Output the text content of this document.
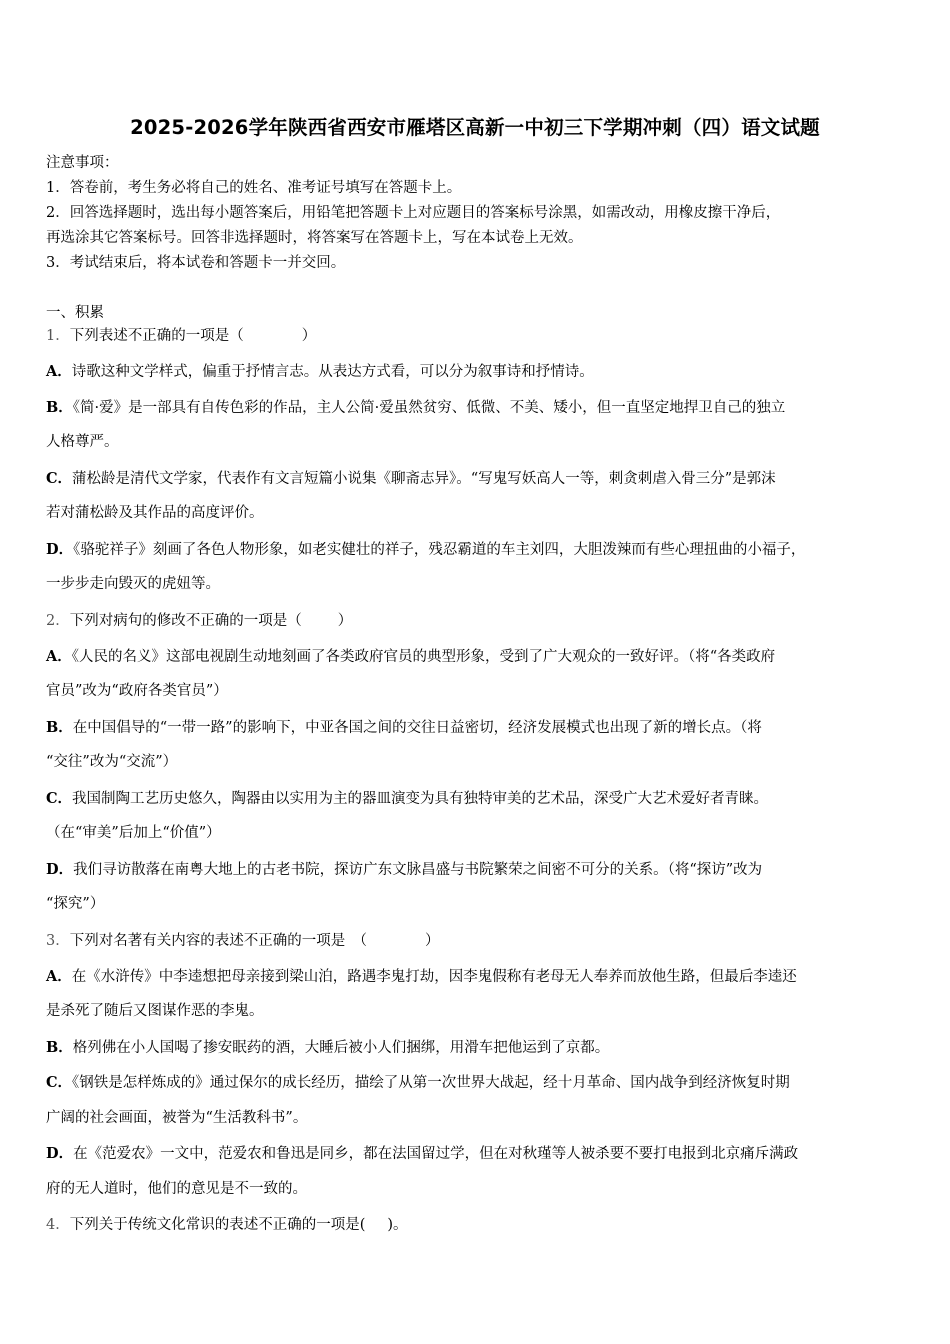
2025-2026学年陕西省西安市雁塔区高新一中初三下学期冲刺（四）语文试题
注意事项：
1．答卷前，考生务必将自己的姓名、准考证号填写在答题卡上。
2．回答选择题时，选出每小题答案后，用铅笔把答题卡上对应题目的答案标号涂黑，如需改动，用橡皮擦干净后，
再选涂其它答案标号。回答非选择题时，将答案写在答题卡上，写在本试卷上无效。
3．考试结束后，将本试卷和答题卡一并交回。
一、积累
1．下列表述不正确的一项是（	）
A．诗歌这种文学样式，偏重于抒情言志。从表达方式看，可以分为叙事诗和抒情诗。
B．《简·爱》是一部具有自传色彩的作品，主人公简·爱虽然贫穷、低微、不美、矮小，但一直坚定地捍卫自己的独立
人格尊严。
C．蒲松龄是清代文学家，代表作有文言短篇小说集《聊斋志异》。“写鬼写妖高人一等，刺贪刺虐入骨三分”是郭沫
若对蒲松龄及其作品的高度评价。
D．《骆驼祥子》刻画了各色人物形象，如老实健壮的祥子，残忍霸道的车主刘四，大胆泼辣而有些心理扭曲的小福子，
一步步走向毁灭的虎妞等。
2．下列对病句的修改不正确的一项是（ ）
A．《人民的名义》这部电视剧生动地刻画了各类政府官员的典型形象，受到了广大观众的一致好评。（将“各类政府
官员”改为“政府各类官员”）
B．在中国倡导的“一带一路”的影响下，中亚各国之间的交往日益密切，经济发展模式也出现了新的增长点。（将
“交往”改为“交流”）
C．我国制陶工艺历史悠久，陶器由以实用为主的器皿演变为具有独特审美的艺术品，深受广大艺术爱好者青睐。
（在“审美”后加上“价值”）
D．我们寻访散落在南粤大地上的古老书院，探访广东文脉昌盛与书院繁荣之间密不可分的关系。（将“探访”改为
“探究”）
3．下列对名著有关内容的表述不正确的一项是　（	）
A．在《水浒传》中李逵想把母亲接到梁山泊，路遇李鬼打劫，因李鬼假称有老母无人奉养而放他生路，但最后李逵还
是杀死了随后又图谋作恶的李鬼。
B．格列佛在小人国喝了掺安眠药的酒，大睡后被小人们捆绑，用滑车把他运到了京都。
C．《钢铁是怎样炼成的》通过保尔的成长经历，描绘了从第一次世界大战起，经十月革命、国内战争到经济恢复时期
广阔的社会画面，被誉为“生活教科书”。
D．在《范爱农》一文中，范爱农和鲁迅是同乡，都在法国留过学，但在对秋瑾等人被杀要不要打电报到北京痛斥满政
府的无人道时，他们的意见是不一致的。
4．下列关于传统文化常识的表述不正确的一项是( )。
